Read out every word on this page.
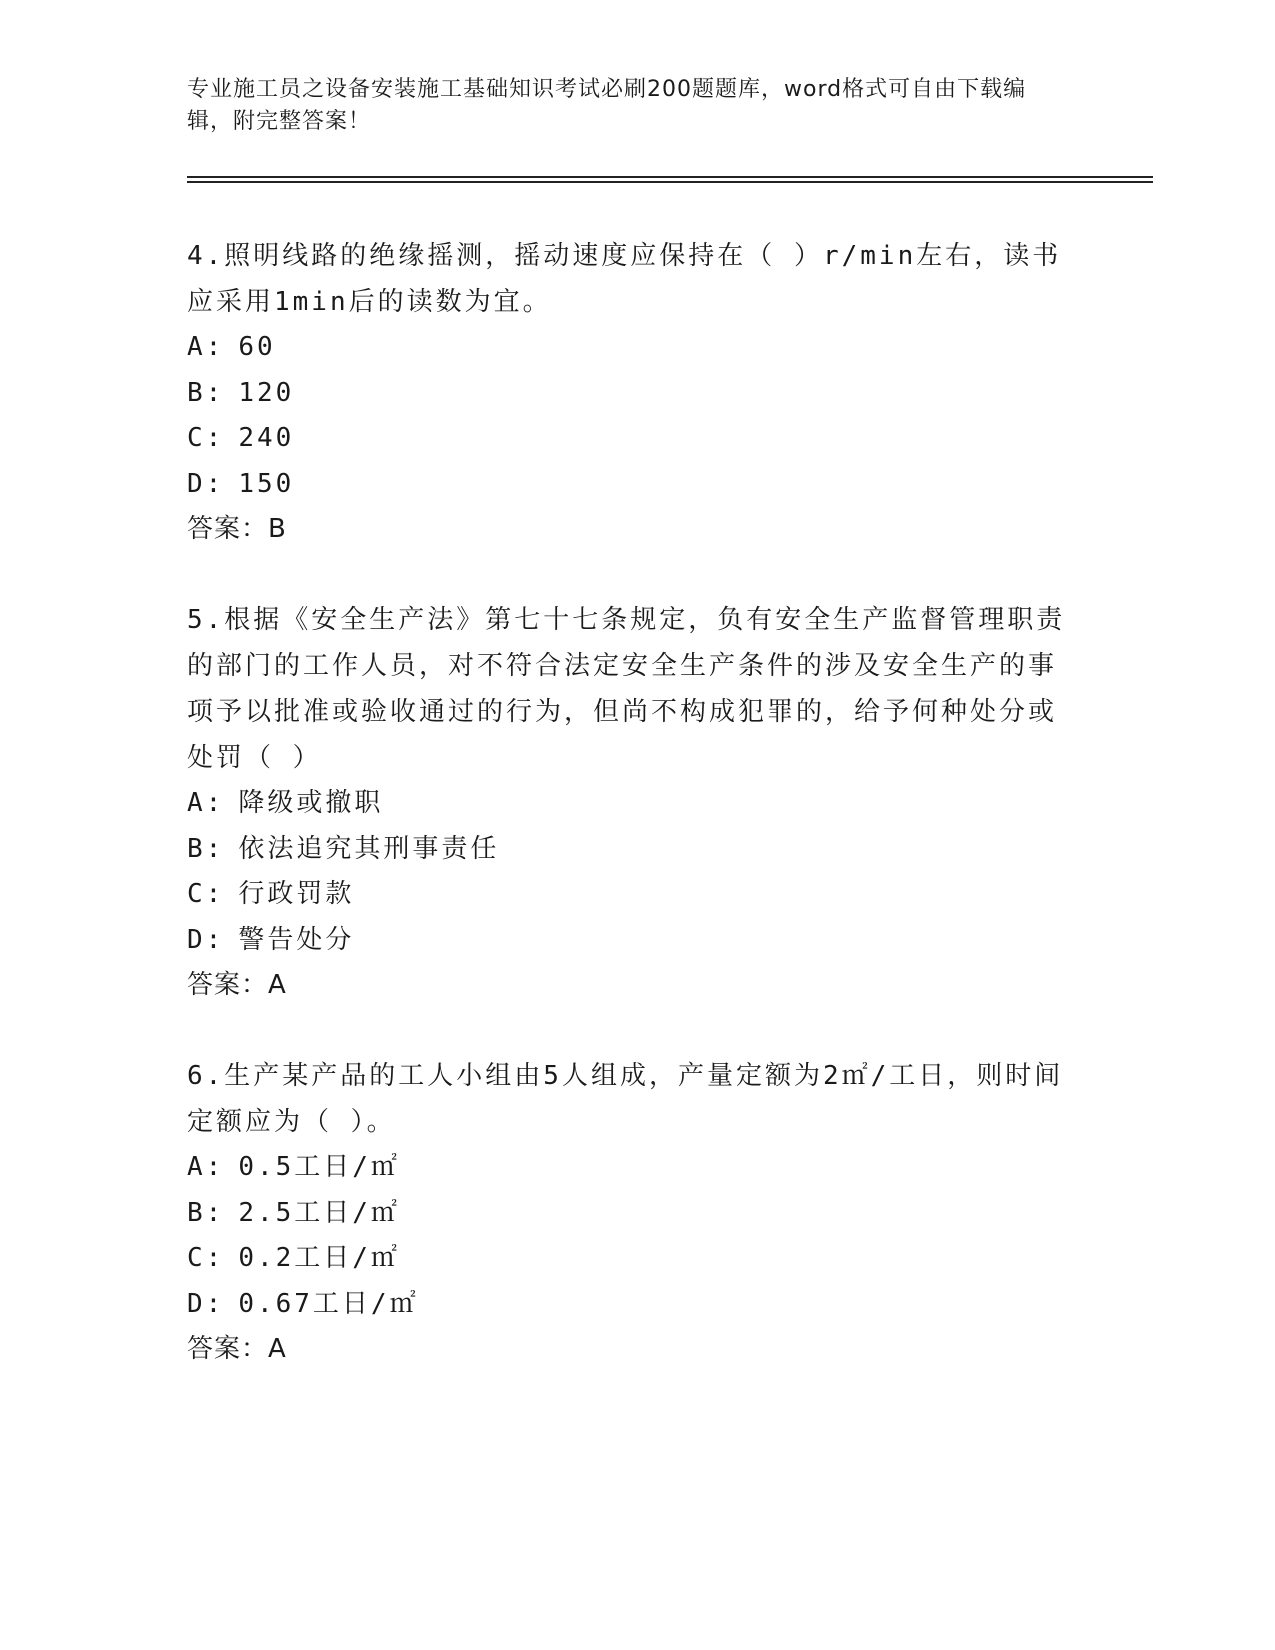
专业施工员之设备安装施工基础知识考试必刷200题题库，word格式可自由下载编辑，附完整答案！

4.照明线路的绝缘摇测，摇动速度应保持在（ ）r/min左右，读书应采用1min后的读数为宜。

A: 60

B: 120

C: 240

D: 150

答案：B

5.根据《安全生产法》第七十七条规定，负有安全生产监督管理职责的部门的工作人员，对不符合法定安全生产条件的涉及安全生产的事项予以批准或验收通过的行为，但尚不构成犯罪的，给予何种处分或处罚（ ）

A: 降级或撤职

B: 依法追究其刑事责任

C: 行政罚款

D: 警告处分

答案：A

6.生产某产品的工人小组由5人组成，产量定额为2㎡/工日，则时间定额应为（ ）。

A: 0.5工日/㎡

B: 2.5工日/㎡

C: 0.2工日/㎡

D: 0.67工日/㎡

答案：A
